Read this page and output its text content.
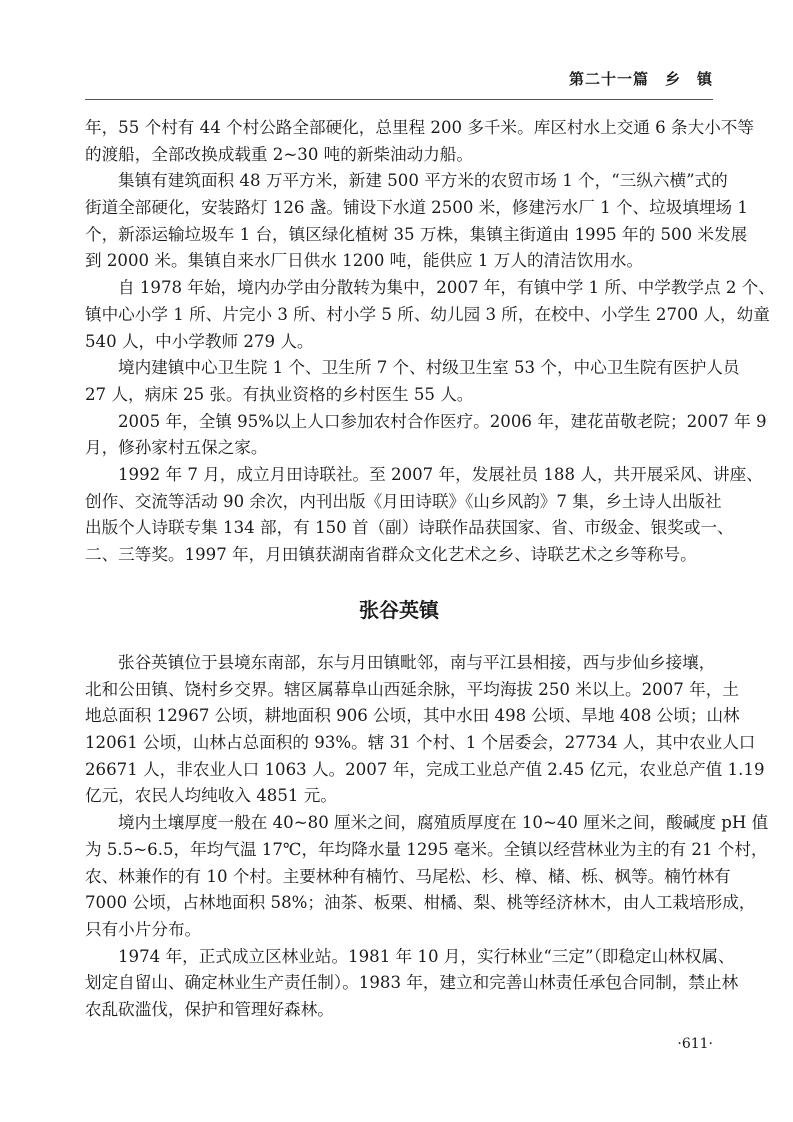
第二十一篇　乡　镇
年，55 个村有 44 个村公路全部硬化，总里程 200 多千米。库区村水上交通 6 条大小不等
的渡船，全部改换成载重 2~30 吨的新柴油动力船。
集镇有建筑面积 48 万平方米，新建 500 平方米的农贸市场 1 个，“三纵六横”式的
街道全部硬化，安装路灯 126 盏。铺设下水道 2500 米，修建污水厂 1 个、垃圾填埋场 1
个，新添运输垃圾车 1 台，镇区绿化植树 35 万株，集镇主街道由 1995 年的 500 米发展
到 2000 米。集镇自来水厂日供水 1200 吨，能供应 1 万人的清洁饮用水。
自 1978 年始，境内办学由分散转为集中，2007 年，有镇中学 1 所、中学教学点 2 个、
镇中心小学 1 所、片完小 3 所、村小学 5 所、幼儿园 3 所，在校中、小学生 2700 人，幼童
540 人，中小学教师 279 人。
境内建镇中心卫生院 1 个、卫生所 7 个、村级卫生室 53 个，中心卫生院有医护人员
27 人，病床 25 张。有执业资格的乡村医生 55 人。
2005 年，全镇 95%以上人口参加农村合作医疗。2006 年，建花苗敬老院；2007 年 9
月，修孙家村五保之家。
1992 年 7 月，成立月田诗联社。至 2007 年，发展社员 188 人，共开展采风、讲座、
创作、交流等活动 90 余次，内刊出版《月田诗联》《山乡风韵》7 集，乡土诗人出版社
出版个人诗联专集 134 部，有 150 首（副）诗联作品获国家、省、市级金、银奖或一、
二、三等奖。1997 年，月田镇获湖南省群众文化艺术之乡、诗联艺术之乡等称号。
张谷英镇
张谷英镇位于县境东南部，东与月田镇毗邻，南与平江县相接，西与步仙乡接壤，
北和公田镇、饶村乡交界。辖区属幕阜山西延余脉，平均海拔 250 米以上。2007 年，土
地总面积 12967 公顷，耕地面积 906 公顷，其中水田 498 公顷、旱地 408 公顷；山林
12061 公顷，山林占总面积的 93%。辖 31 个村、1 个居委会，27734 人，其中农业人口
26671 人，非农业人口 1063 人。2007 年，完成工业总产值 2.45 亿元，农业总产值 1.19
亿元，农民人均纯收入 4851 元。
境内土壤厚度一般在 40~80 厘米之间，腐殖质厚度在 10~40 厘米之间，酸碱度 pH 值
为 5.5~6.5，年均气温 17℃，年均降水量 1295 毫米。全镇以经营林业为主的有 21 个村，
农、林兼作的有 10 个村。主要林种有楠竹、马尾松、杉、樟、槠、栎、枫等。楠竹林有
7000 公顷，占林地面积 58%；油茶、板栗、柑橘、梨、桃等经济林木，由人工栽培形成，
只有小片分布。
1974 年，正式成立区林业站。1981 年 10 月，实行林业“三定”（即稳定山林权属、
划定自留山、确定林业生产责任制）。1983 年，建立和完善山林责任承包合同制，禁止林
农乱砍滥伐，保护和管理好森林。
·611·
